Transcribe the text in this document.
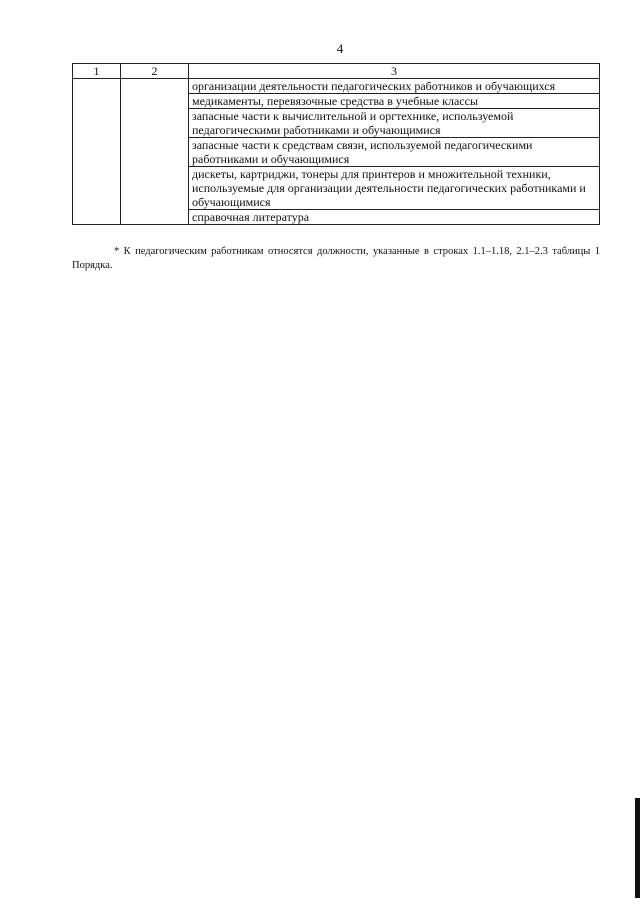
4
1	2	3
		организации деятельности педагогических работников и обучающихся
		медикаменты, перевязочные средства в учебные классы
		запасные части к вычислительной и оргтехнике, используемой педагогическими работниками и обучающимися
		запасные части к средствам связи, используемой педагогическими работниками и обучающимися
		дискеты, картриджи, тонеры для принтеров и множительной техники, используемые для организации деятельности педагогических работниками и обучающимися
		справочная литература
* К педагогическим работникам относятся должности, указанные в строках 1.1–1.18, 2.1–2.3 таблицы 1 Порядка.
